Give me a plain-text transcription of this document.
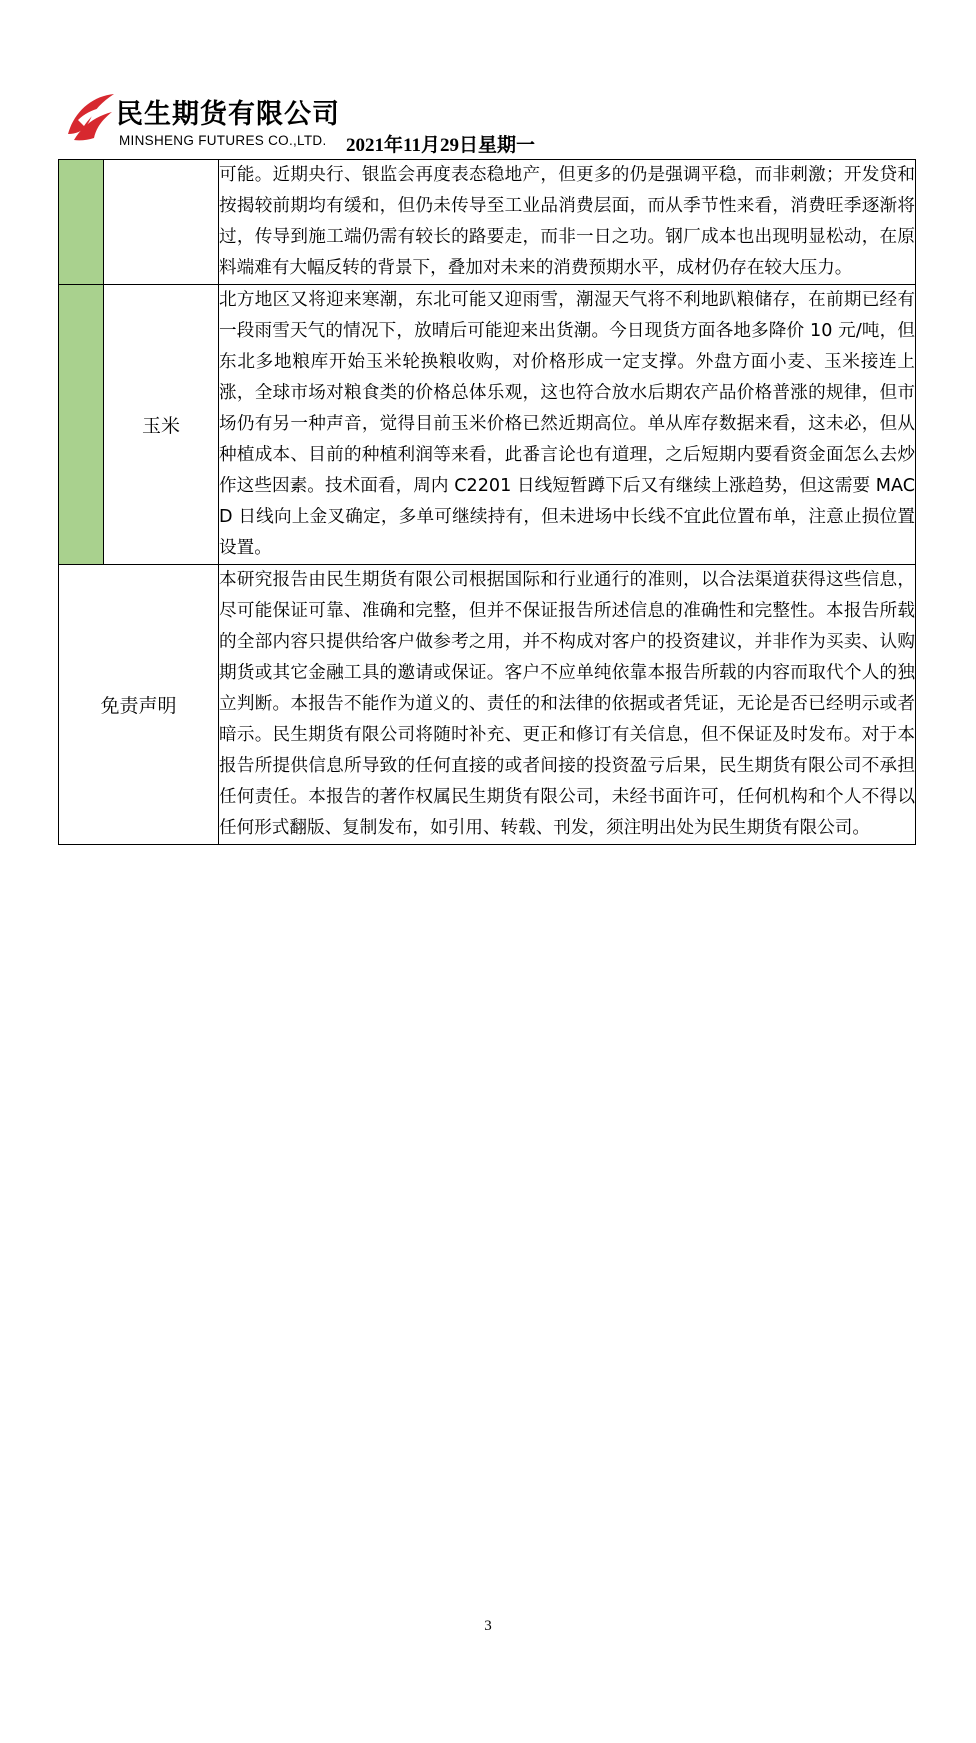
民生期货有限公司
MINSHENG FUTURES CO.,LTD. 2021年11月29日星期一
		可能。近期央行、银监会再度表态稳地产，但更多的仍是强调平稳，而非刺激；开发贷和按揭较前期均有缓和，但仍未传导至工业品消费层面，而从季节性来看，消费旺季逐渐将过，传导到施工端仍需有较长的路要走，而非一日之功。钢厂成本也出现明显松动，在原料端难有大幅反转的背景下，叠加对未来的消费预期水平，成材仍存在较大压力。
	玉米	北方地区又将迎来寒潮，东北可能又迎雨雪，潮湿天气将不利地趴粮储存，在前期已经有一段雨雪天气的情况下，放晴后可能迎来出货潮。今日现货方面各地多降价 10 元/吨，但东北多地粮库开始玉米轮换粮收购，对价格形成一定支撑。外盘方面小麦、玉米接连上涨，全球市场对粮食类的价格总体乐观，这也符合放水后期农产品价格普涨的规律，但市场仍有另一种声音，觉得目前玉米价格已然近期高位。单从库存数据来看，这未必，但从种植成本、目前的种植利润等来看，此番言论也有道理，之后短期内要看资金面怎么去炒作这些因素。技术面看，周内 C2201 日线短暂蹲下后又有继续上涨趋势，但这需要 MACD 日线向上金叉确定，多单可继续持有，但未进场中长线不宜此位置布单，注意止损位置设置。
免责声明		本研究报告由民生期货有限公司根据国际和行业通行的准则，以合法渠道获得这些信息，尽可能保证可靠、准确和完整，但并不保证报告所述信息的准确性和完整性。本报告所载的全部内容只提供给客户做参考之用，并不构成对客户的投资建议，并非作为买卖、认购期货或其它金融工具的邀请或保证。客户不应单纯依靠本报告所载的内容而取代个人的独立判断。本报告不能作为道义的、责任的和法律的依据或者凭证，无论是否已经明示或者暗示。民生期货有限公司将随时补充、更正和修订有关信息，但不保证及时发布。对于本报告所提供信息所导致的任何直接的或者间接的投资盈亏后果，民生期货有限公司不承担任何责任。本报告的著作权属民生期货有限公司，未经书面许可，任何机构和个人不得以任何形式翻版、复制发布，如引用、转载、刊发，须注明出处为民生期货有限公司。
3
